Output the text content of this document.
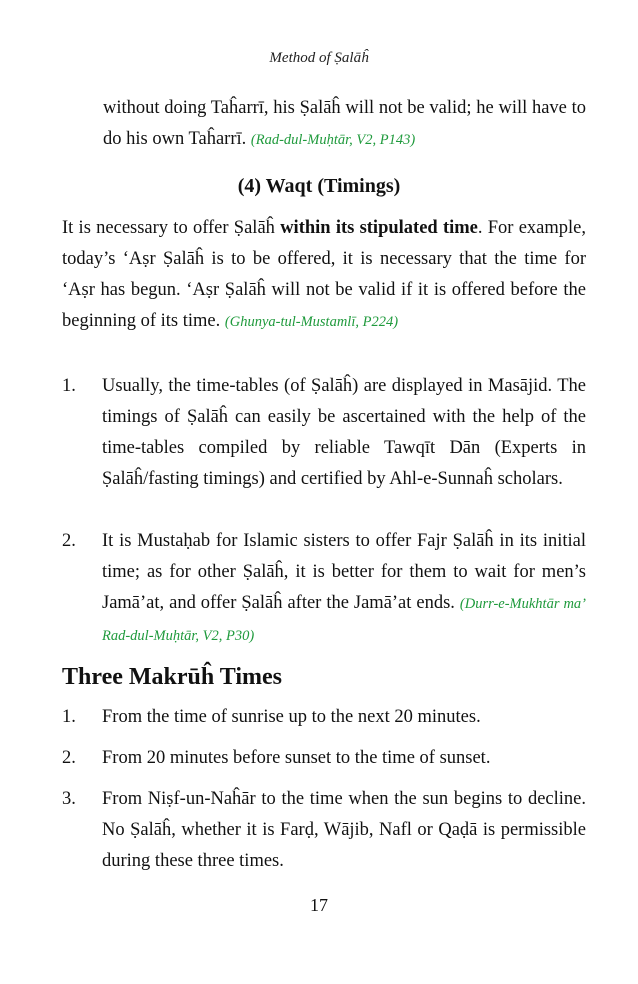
Method of Ṣalāĥ

without doing Taĥarrī, his Ṣalāĥ will not be valid; he will have to do his own Taĥarrī. (Rad-dul-Muḥtār, V2, P143)

(4) Waqt (Timings)

It is necessary to offer Ṣalāĥ within its stipulated time. For example, today’s ‘Aṣr Ṣalāĥ is to be offered, it is necessary that the time for ‘Aṣr has begun. ‘Aṣr Ṣalāĥ will not be valid if it is offered before the beginning of its time. (Ghunya-tul-Mustamlī, P224)

1. Usually, the time-tables (of Ṣalāĥ) are displayed in Masājid. The timings of Ṣalāĥ can easily be ascertained with the help of the time-tables compiled by reliable Tawqīt Dān (Experts in Ṣalāĥ/fasting timings) and certified by Ahl-e-Sunnaĥ scholars.

2. It is Mustaḥab for Islamic sisters to offer Fajr Ṣalāĥ in its initial time; as for other Ṣalāĥ, it is better for them to wait for men’s Jamā’at, and offer Ṣalāĥ after the Jamā’at ends. (Durr-e-Mukhtār ma’ Rad-dul-Muḥtār, V2, P30)

Three Makrūĥ Times
1. From the time of sunrise up to the next 20 minutes.

2. From 20 minutes before sunset to the time of sunset.

3. From Niṣf-un-Naĥār to the time when the sun begins to decline. No Ṣalāĥ, whether it is Farḍ, Wājib, Nafl or Qaḍā is permissible during these three times.

17
